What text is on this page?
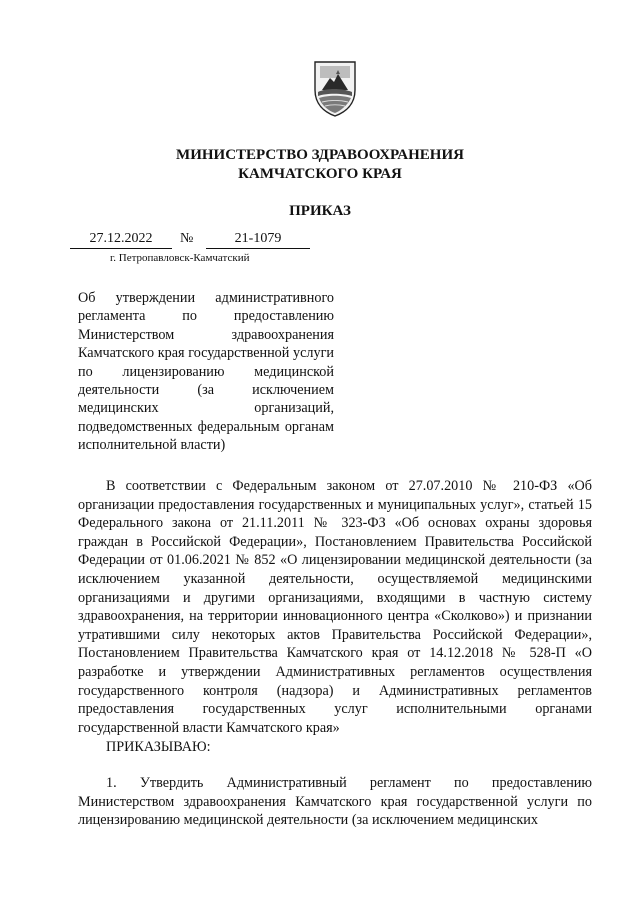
МИНИСТЕРСТВО ЗДРАВООХРАНЕНИЯ
КАМЧАТСКОГО КРАЯ
ПРИКАЗ
27.12.2022	№	21-1079
г. Петропавловск-Камчатский
Об утверждении административного регламента по предоставлению Министерством здравоохранения Камчатского края государственной услуги по лицензированию медицинской деятельности (за исключением медицинских организаций, подведомственных федеральным органам исполнительной власти)
В соответствии с Федеральным законом от 27.07.2010 № 210-ФЗ «Об организации предоставления государственных и муниципальных услуг», статьей 15 Федерального закона от 21.11.2011 № 323-ФЗ «Об основах охраны здоровья граждан в Российской Федерации», Постановлением Правительства Российской Федерации от 01.06.2021 № 852 «О лицензировании медицинской деятельности (за исключением указанной деятельности, осуществляемой медицинскими организациями и другими организациями, входящими в частную систему здравоохранения, на территории инновационного центра «Сколково») и признании утратившими силу некоторых актов Правительства Российской Федерации», Постановлением Правительства Камчатского края от 14.12.2018 № 528-П «О разработке и утверждении Административных регламентов осуществления государственного контроля (надзора) и Административных регламентов предоставления государственных услуг исполнительными органами государственной власти Камчатского края»
ПРИКАЗЫВАЮ:
1. Утвердить Административный регламент по предоставлению Министерством здравоохранения Камчатского края государственной услуги по лицензированию медицинской деятельности (за исключением медицинских
